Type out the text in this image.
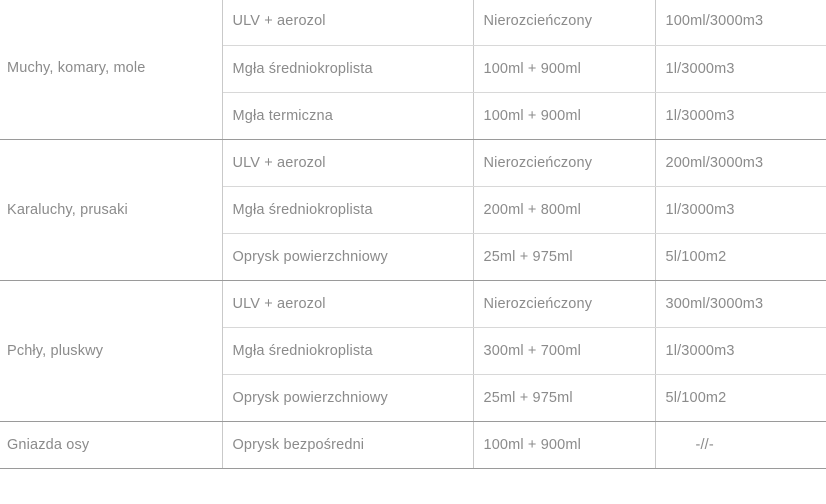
Muchy, komary, mole	ULV + aerozol	Nierozcieńczony	100ml/3000m3
	Mgła średniokroplista	100ml + 900ml	1l/3000m3
	Mgła termiczna	100ml + 900ml	1l/3000m3
Karaluchy, prusaki	ULV + aerozol	Nierozcieńczony	200ml/3000m3
	Mgła średniokroplista	200ml + 800ml	1l/3000m3
	Oprysk powierzchniowy	25ml + 975ml	5l/100m2
Pchły, pluskwy	ULV + aerozol	Nierozcieńczony	300ml/3000m3
	Mgła średniokroplista	300ml + 700ml	1l/3000m3
	Oprysk powierzchniowy	25ml + 975ml	5l/100m2
Gniazda osy	Oprysk bezpośredni	100ml + 900ml	-//-
